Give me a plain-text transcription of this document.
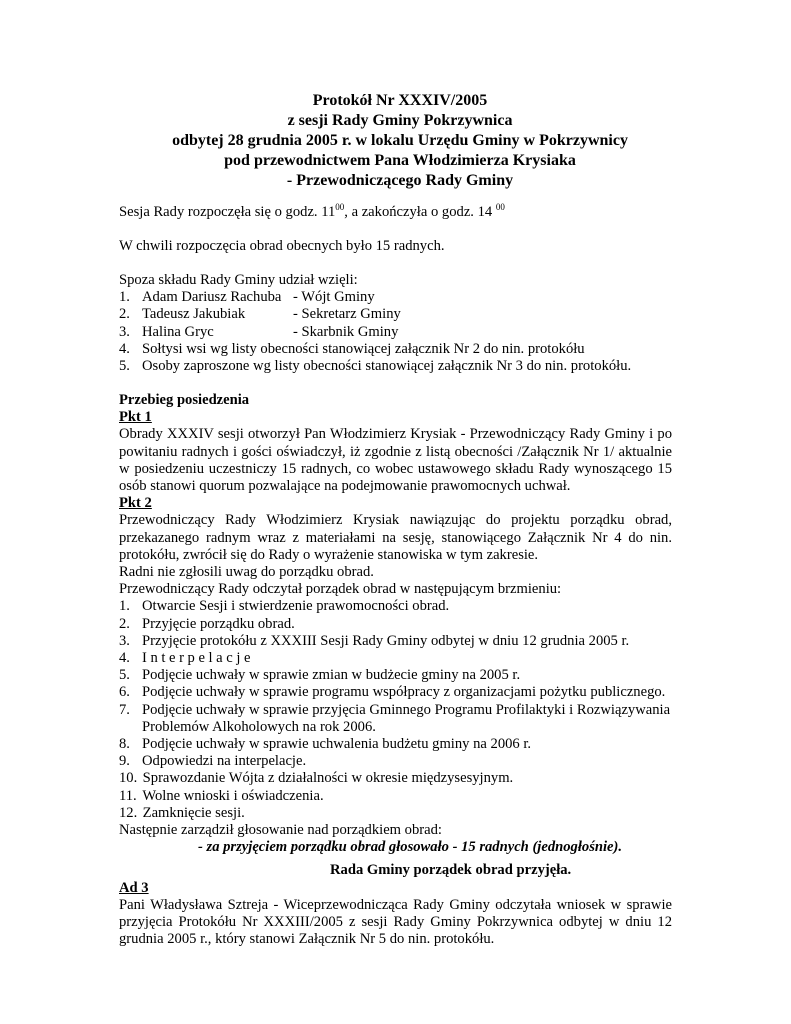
Protokół Nr XXXIV/2005
z sesji Rady Gminy Pokrzywnica
odbytej 28 grudnia 2005 r. w lokalu Urzędu Gminy w Pokrzywnicy
pod przewodnictwem Pana Włodzimierza Krysiaka
- Przewodniczącego Rady Gminy
Sesja Rady rozpoczęła się o godz. $11^{00}$, a zakończyła o godz. 14 $^{00}$
W chwili rozpoczęcia obrad obecnych było 15 radnych.
Spoza składu Rady Gminy udział wzięli:
1. Adam Dariusz Rachuba - Wójt Gminy
2. Tadeusz Jakubiak	- Sekretarz Gminy
3. Halina Gryc	- Skarbnik Gminy
4. Sołtysi wsi wg listy obecności stanowiącej załącznik Nr 2 do nin. protokółu
5. Osoby zaproszone wg listy obecności stanowiącej załącznik Nr 3 do nin. protokółu.
Przebieg posiedzenia
Pkt 1
Obrady XXXIV sesji otworzył Pan Włodzimierz Krysiak - Przewodniczący Rady Gminy i po
powitaniu radnych i gości oświadczył, iż zgodnie z listą obecności /Załącznik Nr 1/ aktualnie
w posiedzeniu uczestniczy 15 radnych, co wobec ustawowego składu Rady wynoszącego 15
osób stanowi quorum pozwalające na podejmowanie prawomocnych uchwał.
Pkt 2
Przewodniczący Rady Włodzimierz Krysiak nawiązując do projektu porządku obrad,
przekazanego radnym wraz z materiałami na sesję, stanowiącego Załącznik Nr 4 do nin.
protokółu, zwrócił się do Rady o wyrażenie stanowiska w tym zakresie.
Radni nie zgłosili uwag do porządku obrad.
Przewodniczący Rady odczytał porządek obrad w następującym brzmieniu:
1. Otwarcie Sesji i stwierdzenie prawomocności obrad.
2. Przyjęcie porządku obrad.
3. Przyjęcie protokółu z XXXIII Sesji Rady Gminy odbytej w dniu 12 grudnia 2005 r.
4. Interpelacje
5. Podjęcie uchwały w sprawie zmian w budżecie gminy na 2005 r.
6. Podjęcie uchwały w sprawie programu współpracy z organizacjami pożytku publicznego.
7. Podjęcie uchwały w sprawie przyjęcia Gminnego Programu Profilaktyki i Rozwiązywania
Problemów Alkoholowych na rok 2006.
8. Podjęcie uchwały w sprawie uchwalenia budżetu gminy na 2006 r.
9. Odpowiedzi na interpelacje.
10. Sprawozdanie Wójta z działalności w okresie międzysesyjnym.
11. Wolne wnioski i oświadczenia.
12. Zamknięcie sesji.
Następnie zarządził głosowanie nad porządkiem obrad:
- za przyjęciem porządku obrad głosowało - 15 radnych (jednogłośnie).
Rada Gminy porządek obrad przyjęła.
Ad 3
Pani Władysława Sztreja - Wiceprzewodnicząca Rady Gminy odczytała wniosek w sprawie
przyjęcia Protokółu Nr XXXIII/2005 z sesji Rady Gminy Pokrzywnica odbytej w dniu 12
grudnia 2005 r., który stanowi Załącznik Nr 5 do nin. protokółu.
